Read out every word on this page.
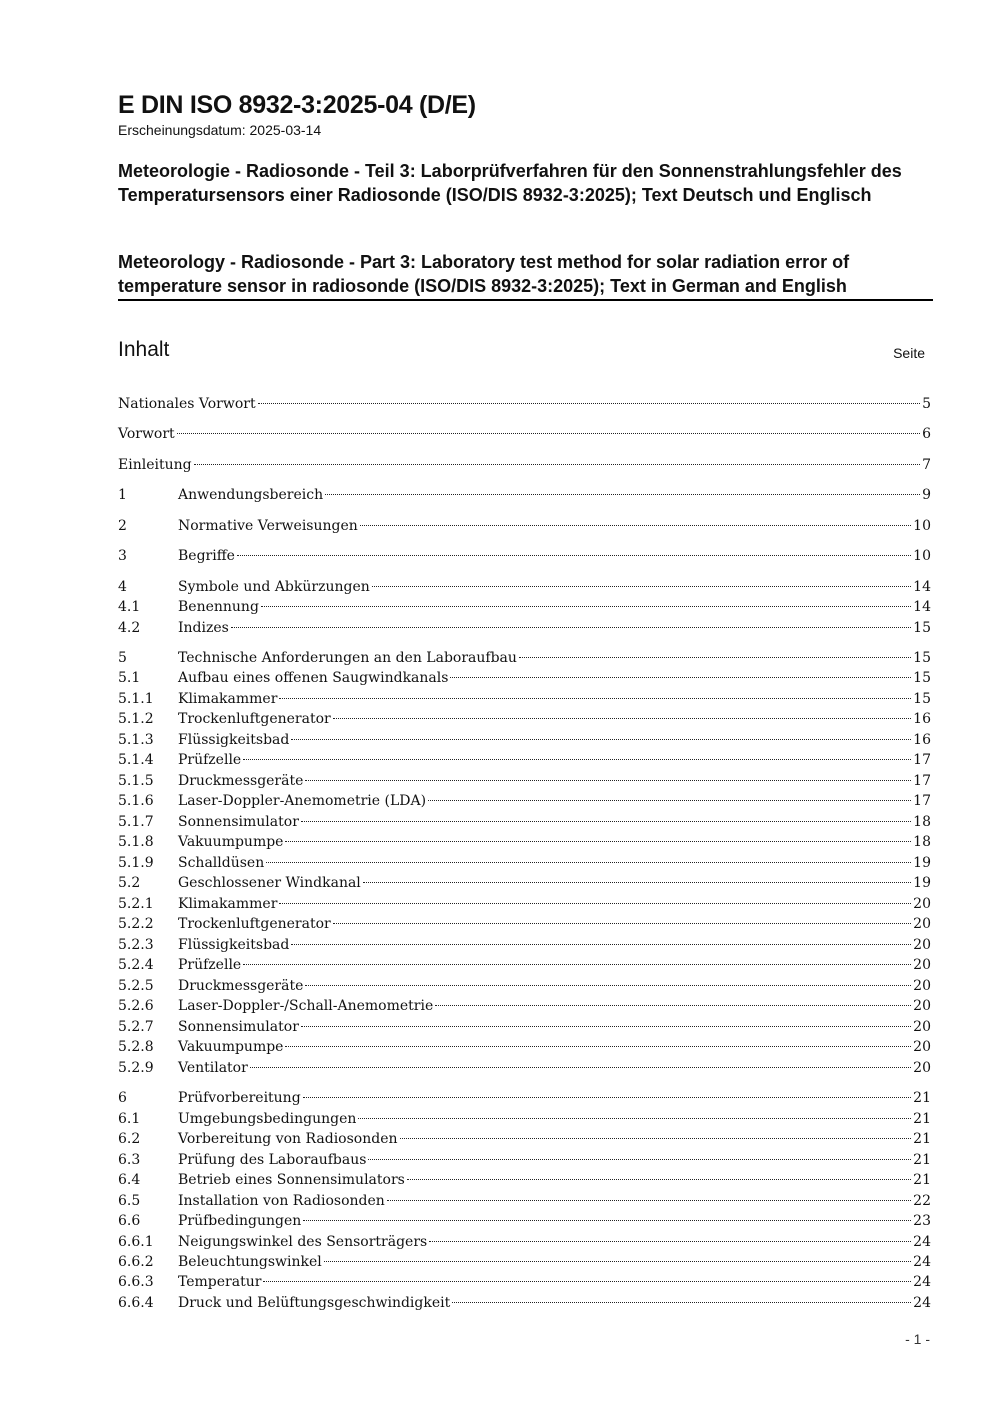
E DIN ISO 8932-3:2025-04 (D/E)
Erscheinungsdatum: 2025-03-14
Meteorologie - Radiosonde - Teil 3: Laborprüfverfahren für den Sonnenstrahlungsfehler des Temperatursensors einer Radiosonde (ISO/DIS 8932-3:2025); Text Deutsch und Englisch
Meteorology - Radiosonde - Part 3: Laboratory test method for solar radiation error of temperature sensor in radiosonde (ISO/DIS 8932-3:2025); Text in German and English
Inhalt	Seite
Nationales Vorwort	5
Vorwort	6
Einleitung	7
1	Anwendungsbereich	9
2	Normative Verweisungen	10
3	Begriffe	10
4	Symbole und Abkürzungen	14
4.1	Benennung	14
4.2	Indizes	15
5	Technische Anforderungen an den Laboraufbau	15
5.1	Aufbau eines offenen Saugwindkanals	15
5.1.1	Klimakammer	15
5.1.2	Trockenluftgenerator	16
5.1.3	Flüssigkeitsbad	16
5.1.4	Prüfzelle	17
5.1.5	Druckmessgeräte	17
5.1.6	Laser-Doppler-Anemometrie (LDA)	17
5.1.7	Sonnensimulator	18
5.1.8	Vakuumpumpe	18
5.1.9	Schalldüsen	19
5.2	Geschlossener Windkanal	19
5.2.1	Klimakammer	20
5.2.2	Trockenluftgenerator	20
5.2.3	Flüssigkeitsbad	20
5.2.4	Prüfzelle	20
5.2.5	Druckmessgeräte	20
5.2.6	Laser-Doppler-/Schall-Anemometrie	20
5.2.7	Sonnensimulator	20
5.2.8	Vakuumpumpe	20
5.2.9	Ventilator	20
6	Prüfvorbereitung	21
6.1	Umgebungsbedingungen	21
6.2	Vorbereitung von Radiosonden	21
6.3	Prüfung des Laboraufbaus	21
6.4	Betrieb eines Sonnensimulators	21
6.5	Installation von Radiosonden	22
6.6	Prüfbedingungen	23
6.6.1	Neigungswinkel des Sensorträgers	24
6.6.2	Beleuchtungswinkel	24
6.6.3	Temperatur	24
6.6.4	Druck und Belüftungsgeschwindigkeit	24
- 1 -
